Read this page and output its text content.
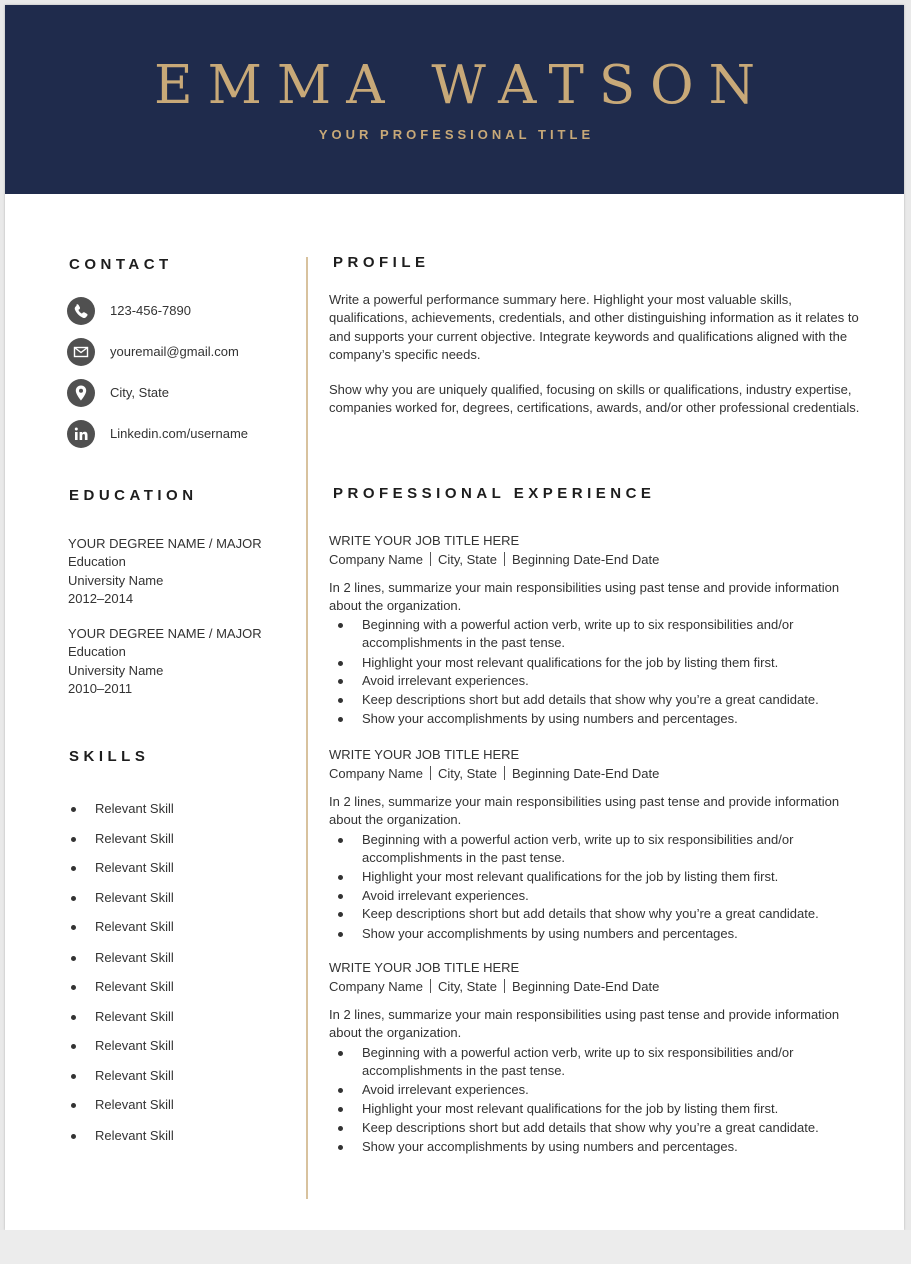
EMMA WATSON
YOUR PROFESSIONAL TITLE
CONTACT
123-456-7890
youremail@gmail.com
City, State
Linkedin.com/username
EDUCATION
YOUR DEGREE NAME / MAJOR
Education
University Name
2012–2014
YOUR DEGREE NAME / MAJOR
Education
University Name
2010–2011
SKILLS
Relevant Skill
Relevant Skill
Relevant Skill
Relevant Skill
Relevant Skill
Relevant Skill
Relevant Skill
Relevant Skill
Relevant Skill
Relevant Skill
Relevant Skill
Relevant Skill
PROFILE
Write a powerful performance summary here. Highlight your most valuable skills, qualifications, achievements, credentials, and other distinguishing information as it relates to and supports your current objective. Integrate keywords and qualifications aligned with the company’s specific needs.
Show why you are uniquely qualified, focusing on skills or qualifications, industry expertise, companies worked for, degrees, certifications, awards, and/or other professional credentials.
PROFESSIONAL EXPERIENCE
WRITE YOUR JOB TITLE HERE
Company Name City, State Beginning Date-End Date
In 2 lines, summarize your main responsibilities using past tense and provide information about the organization.
Beginning with a powerful action verb, write up to six responsibilities and/or accomplishments in the past tense.
Highlight your most relevant qualifications for the job by listing them first.
Avoid irrelevant experiences.
Keep descriptions short but add details that show why you’re a great candidate.
Show your accomplishments by using numbers and percentages.
WRITE YOUR JOB TITLE HERE
Company Name City, State Beginning Date-End Date
In 2 lines, summarize your main responsibilities using past tense and provide information about the organization.
Beginning with a powerful action verb, write up to six responsibilities and/or accomplishments in the past tense.
Highlight your most relevant qualifications for the job by listing them first.
Avoid irrelevant experiences.
Keep descriptions short but add details that show why you’re a great candidate.
Show your accomplishments by using numbers and percentages.
WRITE YOUR JOB TITLE HERE
Company Name City, State Beginning Date-End Date
In 2 lines, summarize your main responsibilities using past tense and provide information about the organization.
Beginning with a powerful action verb, write up to six responsibilities and/or accomplishments in the past tense.
Avoid irrelevant experiences.
Highlight your most relevant qualifications for the job by listing them first.
Keep descriptions short but add details that show why you’re a great candidate.
Show your accomplishments by using numbers and percentages.
